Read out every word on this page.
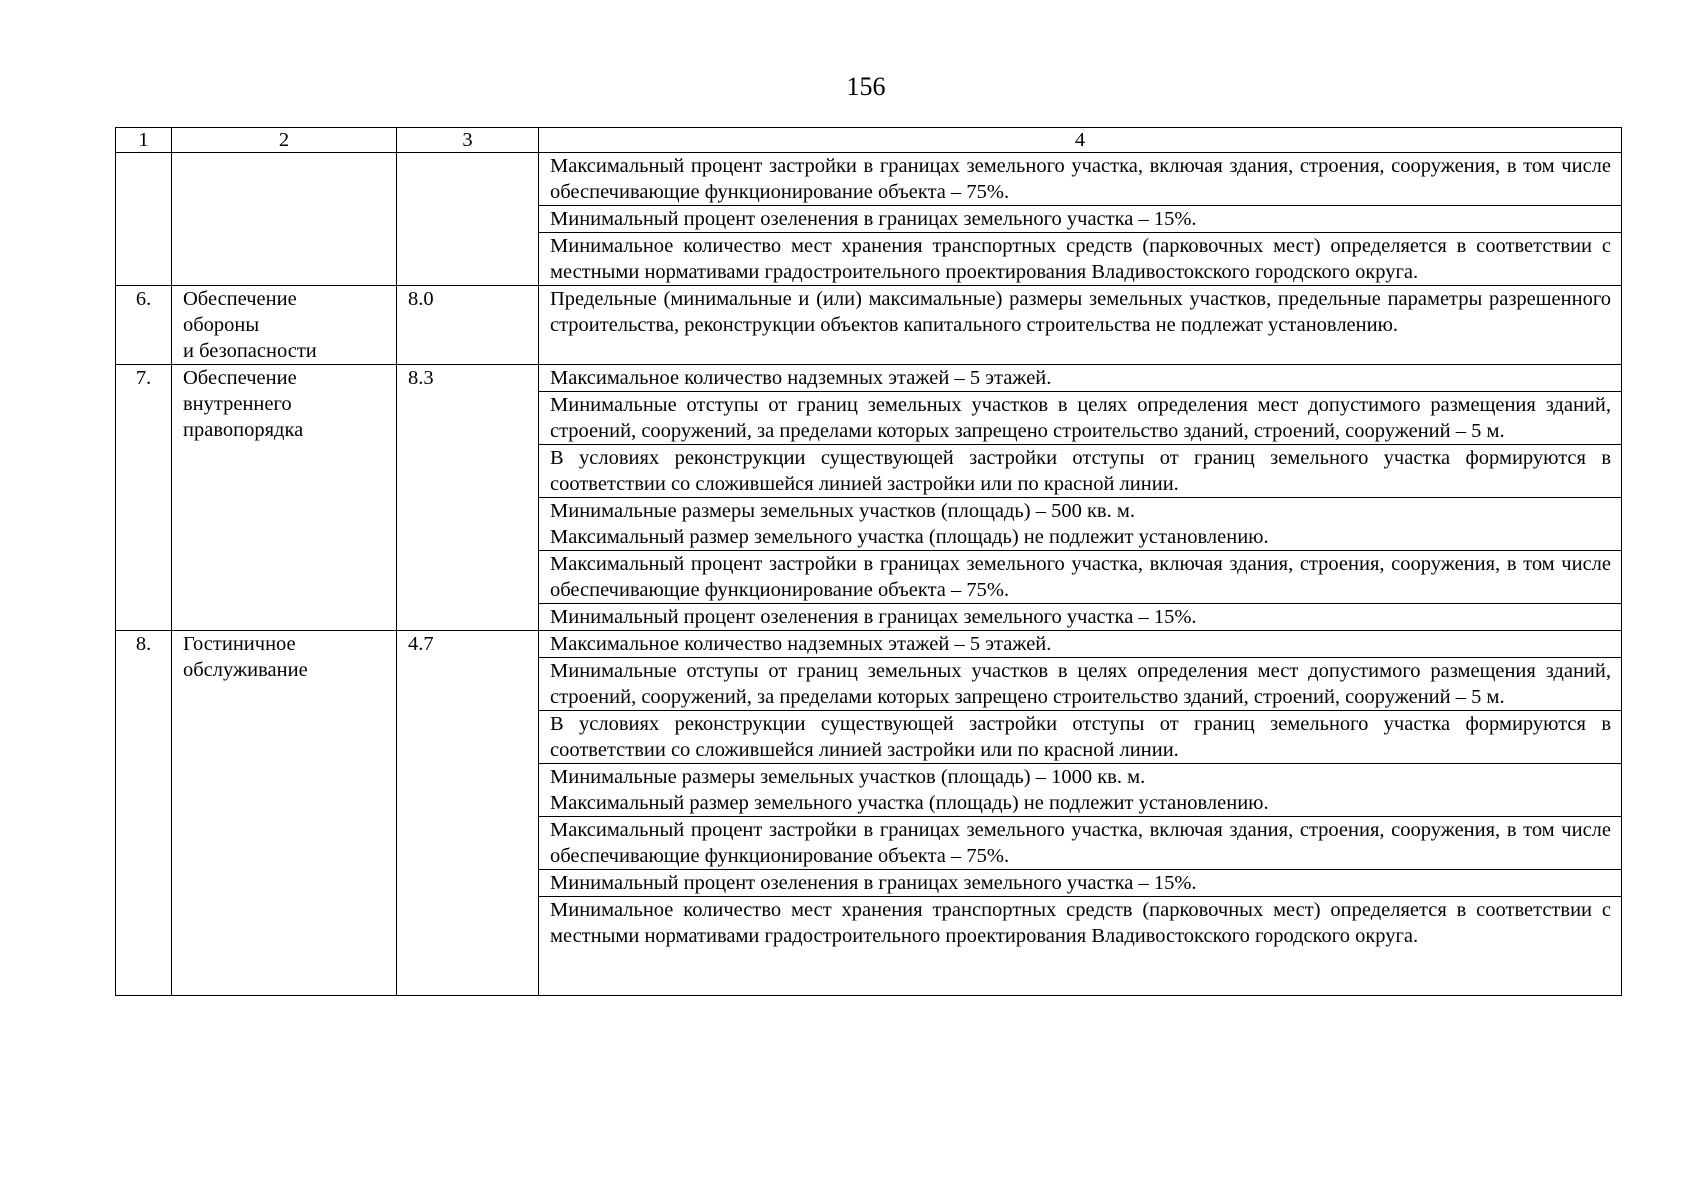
156
1	2	3	4
			Максимальный процент застройки в границах земельного участка, включая здания, строения, сооружения, в том числе обеспечивающие функционирование объекта – 75%.
			Минимальный процент озеленения в границах земельного участка – 15%.
			Минимальное количество мест хранения транспортных средств (парковочных мест) определяется в соответствии с местными нормативами градостроительного проектирования Владивостокского городского округа.
6.	Обеспечение
обороны
и безопасности	8.0	Предельные (минимальные и (или) максимальные) размеры земельных участков, предельные параметры разрешенного строительства, реконструкции объектов капитального строительства не подлежат установлению.
7.	Обеспечение
внутреннего
правопорядка	8.3	Максимальное количество надземных этажей – 5 этажей.
			Минимальные отступы от границ земельных участков в целях определения мест допустимого размещения зданий, строений, сооружений, за пределами которых запрещено строительство зданий, строений, сооружений – 5 м.
			В условиях реконструкции существующей застройки отступы от границ земельного участка формируются в соответствии со сложившейся линией застройки или по красной линии.

			Минимальные размеры земельных участков (площадь) – 500 кв. м.
Максимальный размер земельного участка (площадь) не подлежит установлению.

			Максимальный процент застройки в границах земельного участка, включая здания, строения, сооружения, в том числе обеспечивающие функционирование объекта – 75%.
			Минимальный процент озеленения в границах земельного участка – 15%.
8.	Гостиничное
обслуживание	4.7	Максимальное количество надземных этажей – 5 этажей.
			Минимальные отступы от границ земельных участков в целях определения мест допустимого размещения зданий, строений, сооружений, за пределами которых запрещено строительство зданий, строений, сооружений – 5 м.
			В условиях реконструкции существующей застройки отступы от границ земельного участка формируются в соответствии со сложившейся линией застройки или по красной линии.

			Минимальные размеры земельных участков (площадь) – 1000 кв. м.
Максимальный размер земельного участка (площадь) не подлежит установлению.

			Максимальный процент застройки в границах земельного участка, включая здания, строения, сооружения, в том числе обеспечивающие функционирование объекта – 75%.
			Минимальный процент озеленения в границах земельного участка – 15%.
			Минимальное количество мест хранения транспортных средств (парковочных мест) определяется в соответствии с местными нормативами градостроительного проектирования Владивостокского городского округа.
